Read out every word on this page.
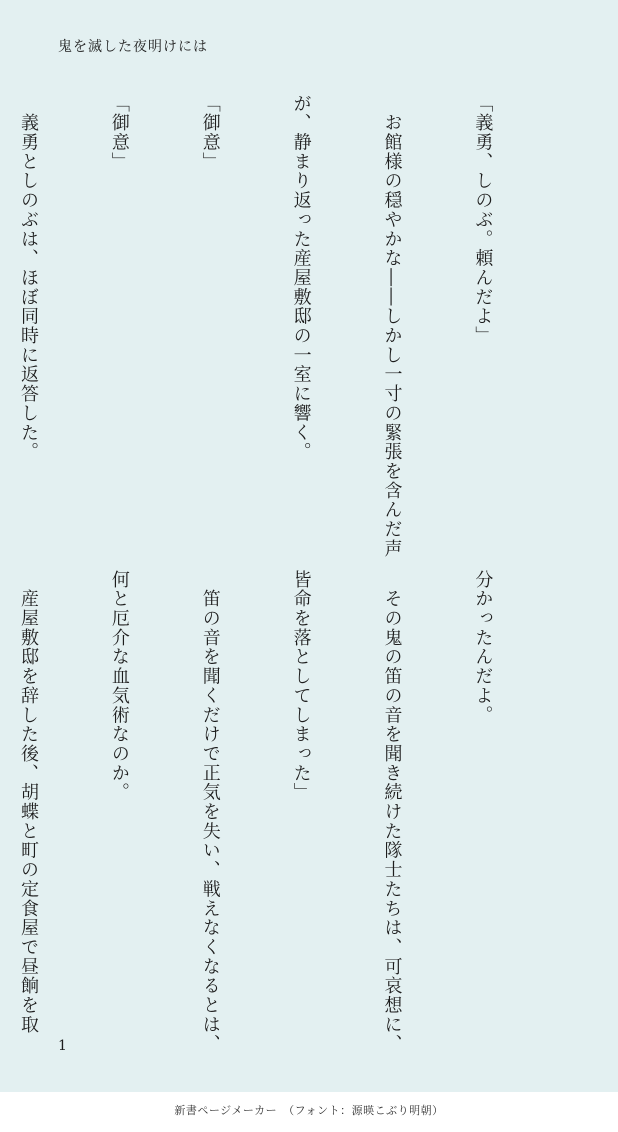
鬼を滅した夜明けには

「義勇、しのぶ。頼んだよ」

　お館様の穏やかな――しかし一寸の緊張を含んだ声

が、静まり返った産屋敷邸の一室に響く。

「御意」

「御意」

　義勇としのぶは、ほぼ同時に返答した。

分かったんだよ。

　その鬼の笛の音を聞き続けた隊士たちは、可哀想に、

皆命を落としてしまった」

　笛の音を聞くだけで正気を失い、戦えなくなるとは、

何と厄介な血気術なのか。

　産屋敷邸を辞した後、胡蝶と町の定食屋で昼餉を取

1
新書ページメーカー　（フォント：源暎こぶり明朝）
